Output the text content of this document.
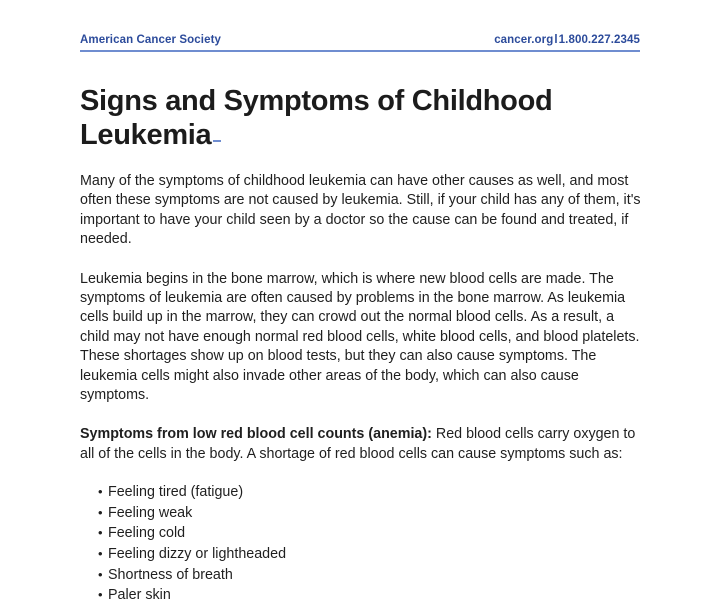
American Cancer Society	cancer.orgl1.800.227.2345
Signs and Symptoms of Childhood Leukemia

Many of the symptoms of childhood leukemia can have other causes as well, and most often these symptoms are not caused by leukemia. Still, if your child has any of them, it's important to have your child seen by a doctor so the cause can be found and treated, if needed.

Leukemia begins in the bone marrow, which is where new blood cells are made. The symptoms of leukemia are often caused by problems in the bone marrow. As leukemia cells build up in the marrow, they can crowd out the normal blood cells. As a result, a child may not have enough normal red blood cells, white blood cells, and blood platelets. These shortages show up on blood tests, but they can also cause symptoms. The leukemia cells might also invade other areas of the body, which can also cause symptoms.

Symptoms from low red blood cell counts (anemia): Red blood cells carry oxygen to all of the cells in the body. A shortage of red blood cells can cause symptoms such as:

• Feeling tired (fatigue)
• Feeling weak
• Feeling cold
• Feeling dizzy or lightheaded
• Shortness of breath
• Paler skin
